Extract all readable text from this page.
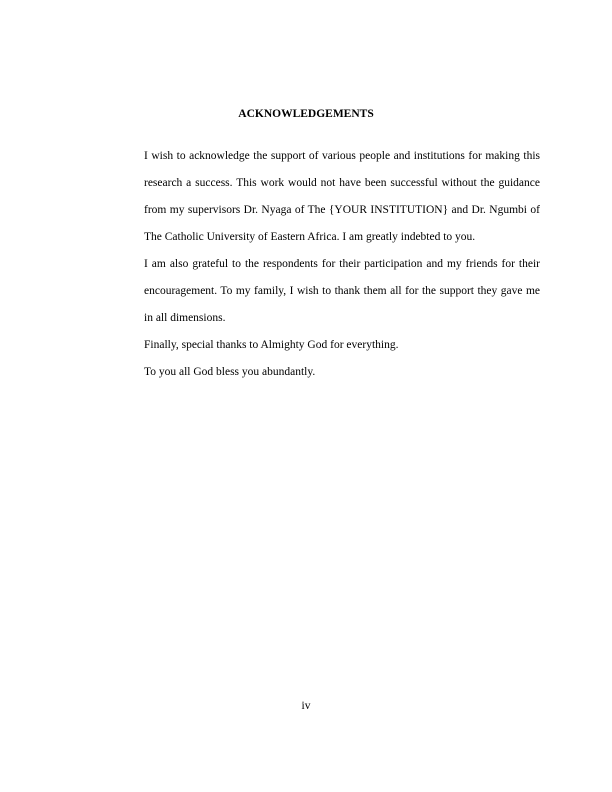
ACKNOWLEDGEMENTS

I wish to acknowledge the support of various people and institutions for making this research a success. This work would not have been successful without the guidance from my supervisors Dr. Nyaga of The {YOUR INSTITUTION} and Dr. Ngumbi of The Catholic University of Eastern Africa. I am greatly indebted to you.

I am also grateful to the respondents for their participation and my friends for their encouragement. To my family, I wish to thank them all for the support they gave me in all dimensions.

Finally, special thanks to Almighty God for everything.

To you all God bless you abundantly.

iv
